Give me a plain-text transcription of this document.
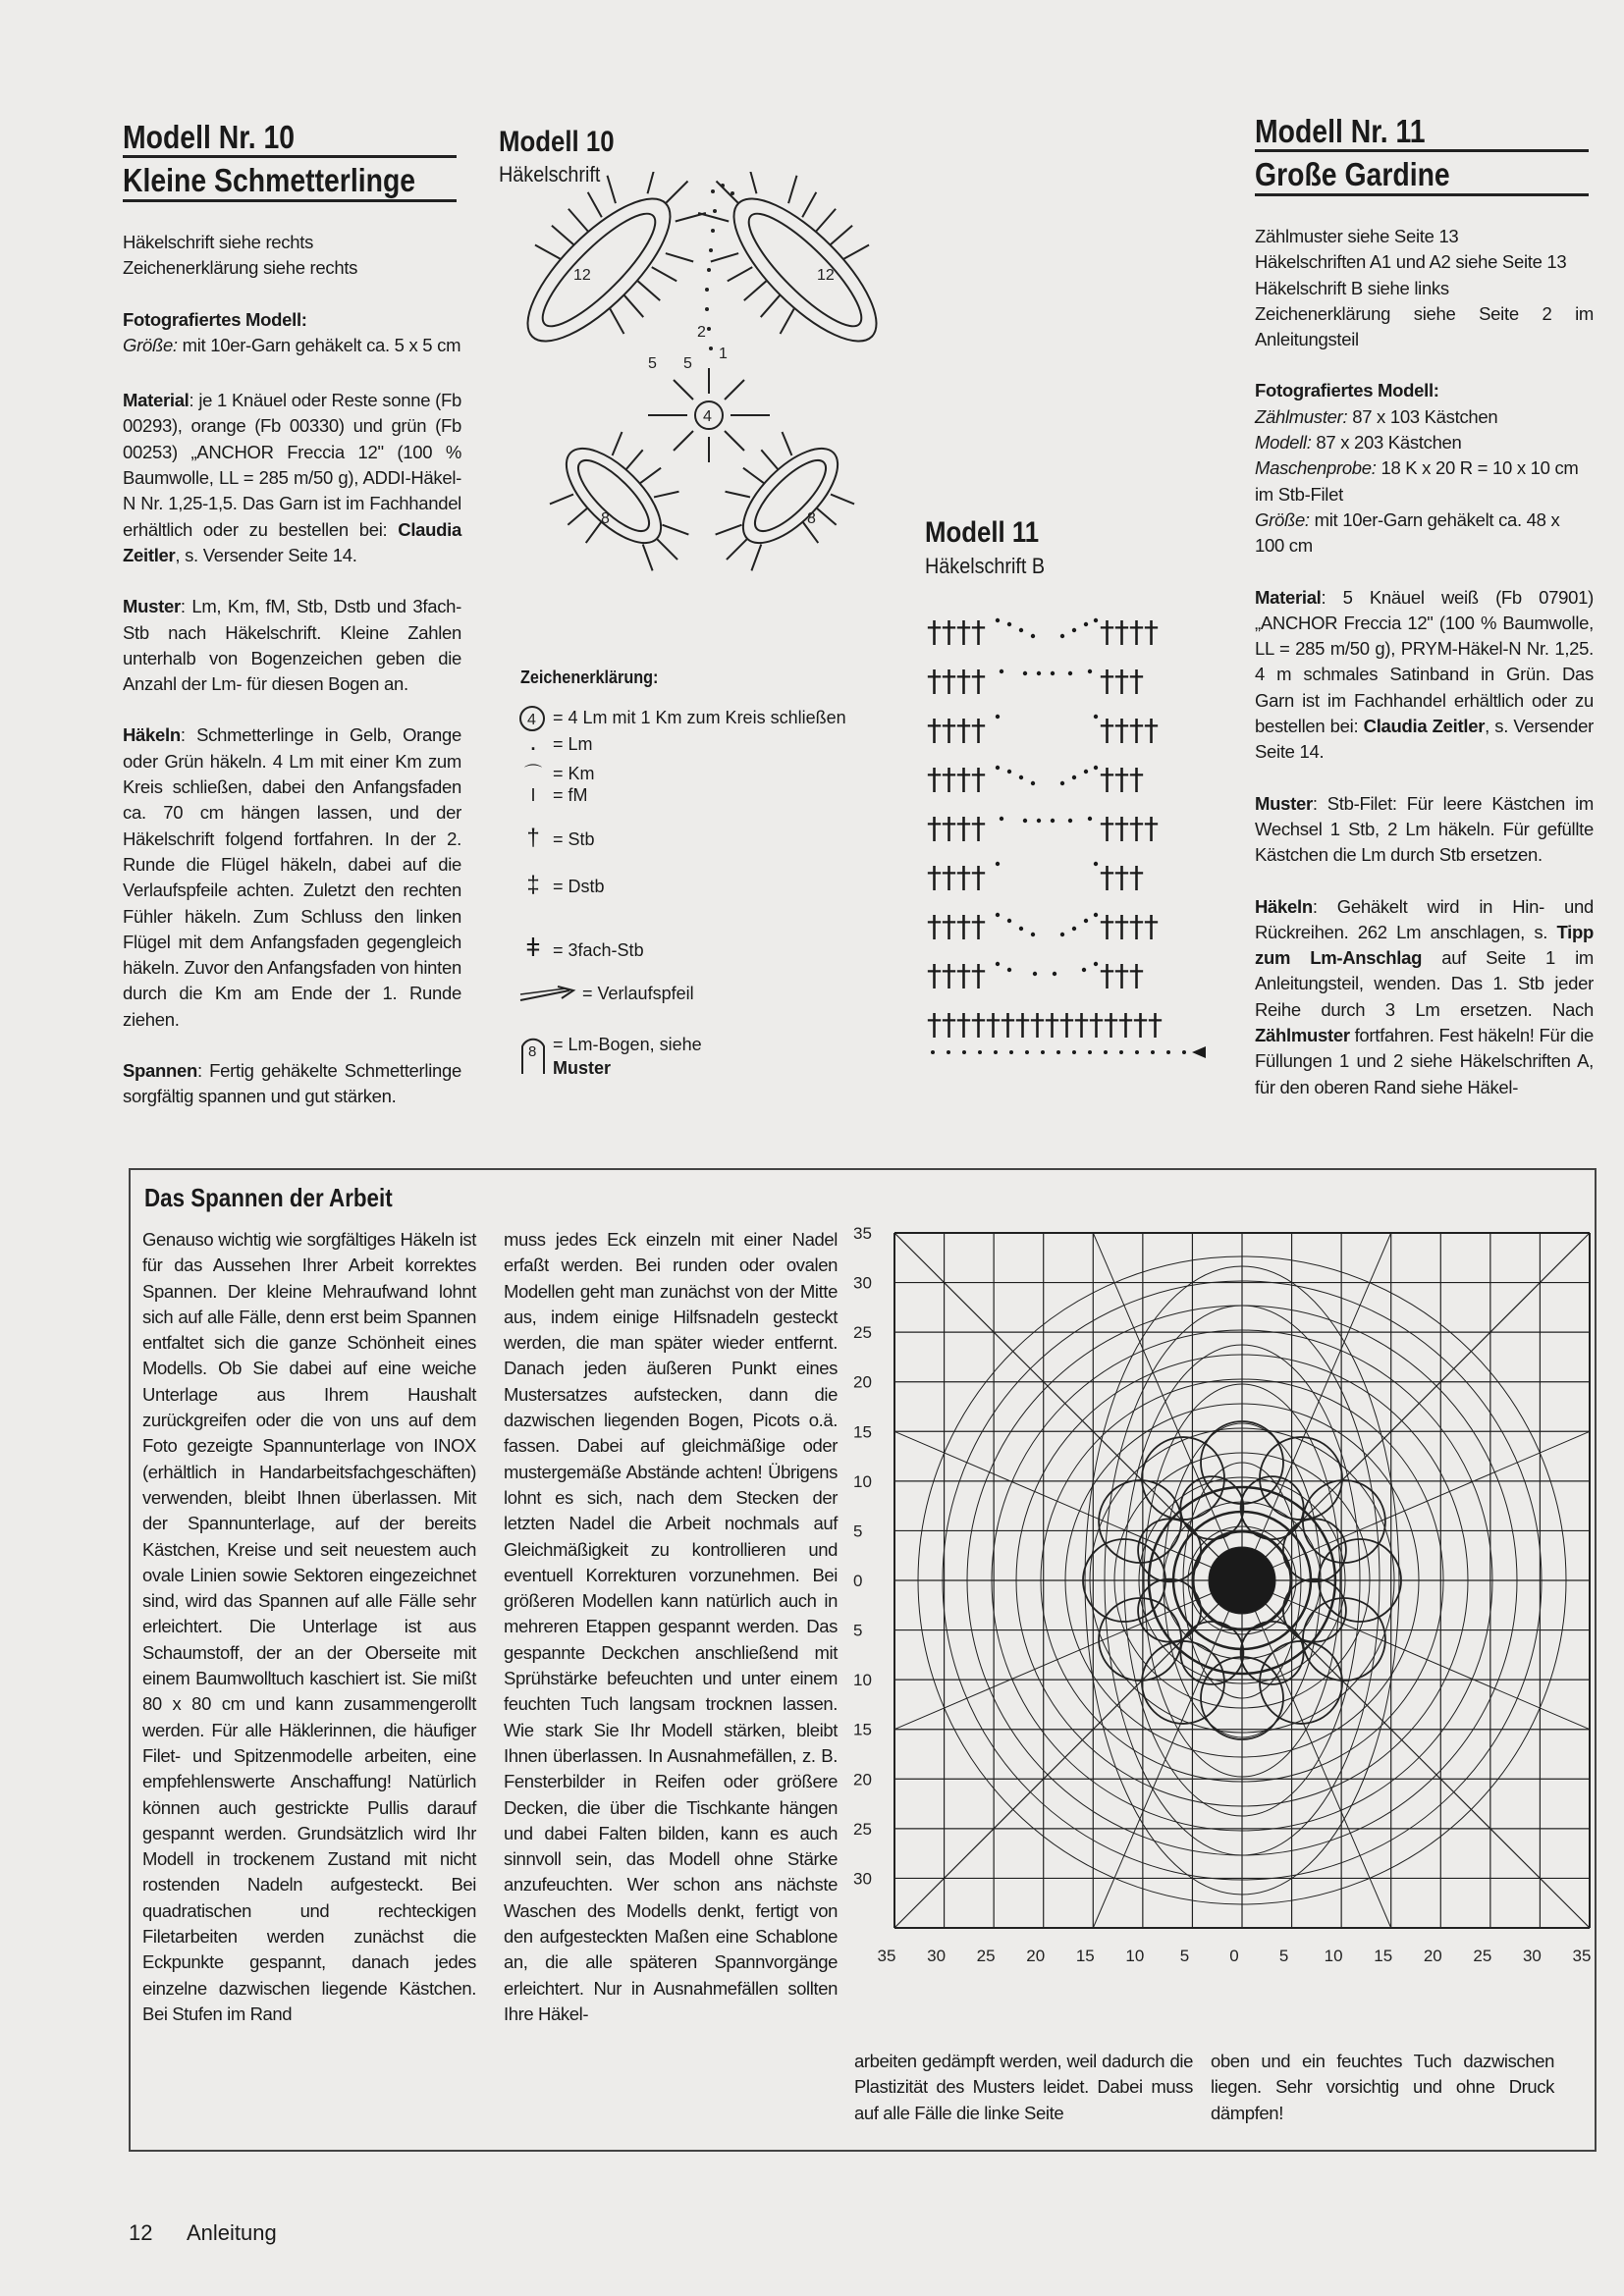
Modell Nr. 10
Kleine Schmetterlinge

Häkelschrift siehe rechts
Zeichenerklärung siehe rechts

Fotografiertes Modell:
Größe: mit 10er-Garn gehäkelt ca. 5 x 5 cm

Material: je 1 Knäuel oder Reste sonne (Fb 00293), orange (Fb 00330) und grün (Fb 00253) „ANCHOR Freccia 12" (100 % Baumwolle, LL = 285 m/50 g), ADDI-Häkel-N Nr. 1,25-1,5. Das Garn ist im Fachhandel erhältlich oder zu bestellen bei: Claudia Zeitler, s. Versender Seite 14.

Muster: Lm, Km, fM, Stb, Dstb und 3fach-Stb nach Häkelschrift. Kleine Zahlen unterhalb von Bogenzeichen geben die Anzahl der Lm- für diesen Bogen an.

Häkeln: Schmetterlinge in Gelb, Orange oder Grün häkeln. 4 Lm mit einer Km zum Kreis schließen, dabei den Anfangsfaden ca. 70 cm hängen lassen, und der Häkelschrift folgend fortfahren. In der 2. Runde die Flügel häkeln, dabei auf die Verlaufspfeile achten. Zuletzt den rechten Fühler häkeln. Zum Schluss den linken Flügel mit dem Anfangsfaden gegengleich häkeln. Zuvor den Anfangsfaden von hinten durch die Km am Ende der 1. Runde ziehen.

Spannen: Fertig gehäkelte Schmetterlinge sorgfältig spannen und gut stärken.

Modell 10
Häkelschrift
12	12
8	8
4
5 5
2
1
Zeichenerklärung:
4 = 4 Lm mit 1 Km zum Kreis schließen
. = Lm
⌒ = Km
I = fM
† = Stb
‡ = Dstb
ǂ = 3fach-Stb
= Verlaufspfeil
8 = Lm-Bogen, siehe
Muster
Modell 11
Häkelschrift B
††††	††††
††††	†††
††††	††††
††††	†††
††††	††††
††††	†††
††††	††††
††††	†††
††††††††††††††††
Modell Nr. 11
Große Gardine

Zählmuster siehe Seite 13
Häkelschriften A1 und A2 siehe Seite 13
Häkelschrift B siehe links
Zeichenerklärung siehe Seite 2 im Anleitungsteil

Fotografiertes Modell:
Zählmuster: 87 x 103 Kästchen
Modell: 87 x 203 Kästchen
Maschenprobe: 18 K x 20 R = 10 x 10 cm im Stb-Filet
Größe: mit 10er-Garn gehäkelt ca. 48 x 100 cm

Material: 5 Knäuel weiß (Fb 07901) „ANCHOR Freccia 12" (100 % Baumwolle, LL = 285 m/50 g), PRYM-Häkel-N Nr. 1,25. 4 m schmales Satinband in Grün. Das Garn ist im Fachhandel erhältlich oder zu bestellen bei: Claudia Zeitler, s. Versender Seite 14.

Muster: Stb-Filet: Für leere Kästchen im Wechsel 1 Stb, 2 Lm häkeln. Für gefüllte Kästchen die Lm durch Stb ersetzen.

Häkeln: Gehäkelt wird in Hin- und Rückreihen. 262 Lm anschlagen, s. Tipp zum Lm-Anschlag auf Seite 1 im Anleitungsteil, wenden. Das 1. Stb jeder Reihe durch 3 Lm ersetzen. Nach Zählmuster fortfahren. Fest häkeln! Für die Füllungen 1 und 2 siehe Häkelschriften A, für den oberen Rand siehe Häkel-

Das Spannen der Arbeit
Genauso wichtig wie sorgfältiges Häkeln ist für das Aussehen Ihrer Arbeit korrektes Spannen. Der kleine Mehraufwand lohnt sich auf alle Fälle, denn erst beim Spannen entfaltet sich die ganze Schönheit eines Modells. Ob Sie dabei auf eine weiche Unterlage aus Ihrem Haushalt zurückgreifen oder die von uns auf dem Foto gezeigte Spannunterlage von INOX (erhältlich in Handarbeitsfachgeschäften) verwenden, bleibt Ihnen überlassen. Mit der Spannunterlage, auf der bereits Kästchen, Kreise und seit neuestem auch ovale Linien sowie Sektoren eingezeichnet sind, wird das Spannen auf alle Fälle sehr erleichtert. Die Unterlage ist aus Schaumstoff, der an der Oberseite mit einem Baumwolltuch kaschiert ist. Sie mißt 80 x 80 cm und kann zusammengerollt werden. Für alle Häklerinnen, die häufiger Filet- und Spitzenmodelle arbeiten, eine empfehlenswerte Anschaffung! Natürlich können auch gestrickte Pullis darauf gespannt werden. Grundsätzlich wird Ihr Modell in trockenem Zustand mit nicht rostenden Nadeln aufgesteckt. Bei quadratischen und rechteckigen Filetarbeiten werden zunächst die Eckpunkte gespannt, danach jedes einzelne dazwischen liegende Kästchen. Bei Stufen im Rand
muss jedes Eck einzeln mit einer Nadel erfaßt werden. Bei runden oder ovalen Modellen geht man zunächst von der Mitte aus, indem einige Hilfsnadeln gesteckt werden, die man später wieder entfernt. Danach jeden äußeren Punkt eines Mustersatzes aufstecken, dann die dazwischen liegenden Bogen, Picots o.ä. fassen. Dabei auf gleichmäßige oder mustergemäße Abstände achten! Übrigens lohnt es sich, nach dem Stecken der letzten Nadel die Arbeit nochmals auf Gleichmäßigkeit zu kontrollieren und eventuell Korrekturen vorzunehmen. Bei größeren Modellen kann natürlich auch in mehreren Etappen gespannt werden. Das gespannte Deckchen anschließend mit Sprühstärke befeuchten und unter einem feuchten Tuch langsam trocknen lassen. Wie stark Sie Ihr Modell stärken, bleibt Ihnen überlassen. In Ausnahmefällen, z. B. Fensterbilder in Reifen oder größere Decken, die über die Tischkante hängen und dabei Falten bilden, kann es auch sinnvoll sein, das Modell ohne Stärke anzufeuchten. Wer schon ans nächste Waschen des Modells denkt, fertigt von den aufgesteckten Maßen eine Schablone an, die alle späteren Spannvorgänge erleichtert. Nur in Ausnahmefällen sollten Ihre Häkel-
arbeiten gedämpft werden, weil dadurch die Plastizität des Musters leidet. Dabei muss auf alle Fälle die linke Seite
oben und ein feuchtes Tuch dazwischen liegen. Sehr vorsichtig und ohne Druck dämpfen!
35
30
25
20
15
10
5
0
5
10
15
20
25
30
35 30 25 20 15 10 5 0 5 10 15 20 25 30 35
12 Anleitung
